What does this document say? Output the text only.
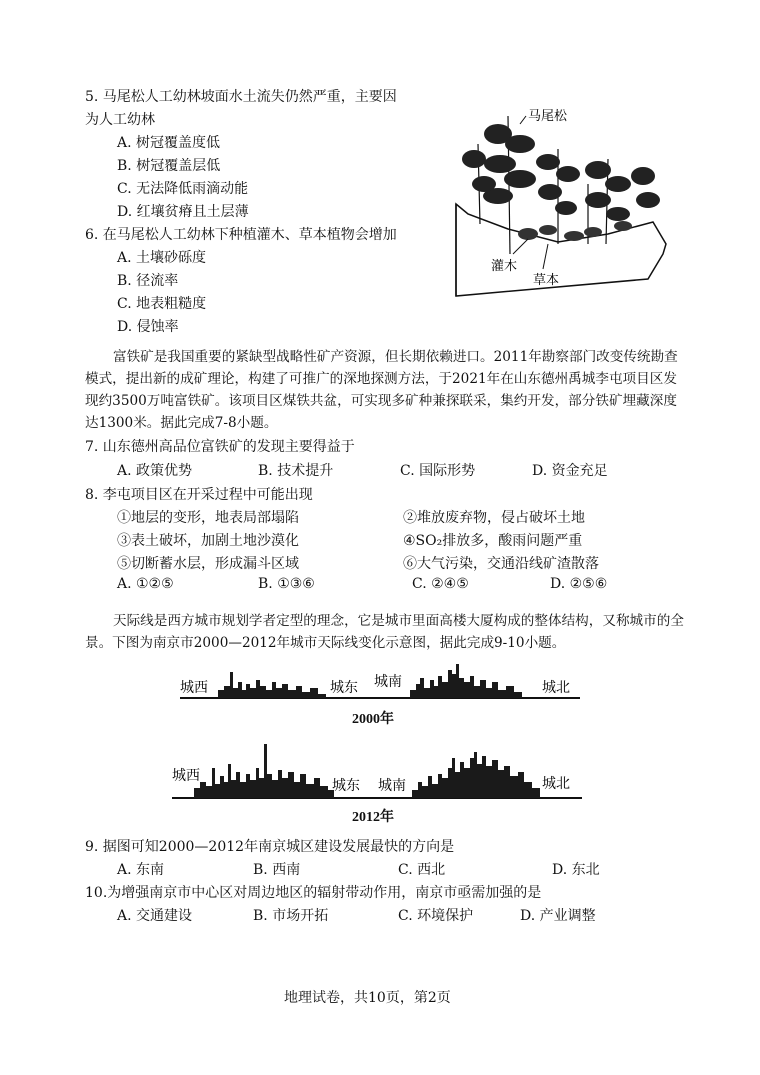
5. 马尾松人工幼林坡面水土流失仍然严重，主要因
为人工幼林
A. 树冠覆盖度低
B. 树冠覆盖层低
C. 无法降低雨滴动能
D. 红壤贫瘠且土层薄
6. 在马尾松人工幼林下种植灌木、草本植物会增加
A. 土壤砂砾度
B. 径流率
C. 地表粗糙度
D. 侵蚀率
马尾松
灌木
草本
富铁矿是我国重要的紧缺型战略性矿产资源，但长期依赖进口。2011年勘察部门改变传统勘查模式，提出新的成矿理论，构建了可推广的深地探测方法，于2021年在山东德州禹城李屯项目区发现约3500万吨富铁矿。该项目区煤铁共盆，可实现多矿种兼探联采，集约开发，部分铁矿埋藏深度达1300米。据此完成7-8小题。
7. 山东德州高品位富铁矿的发现主要得益于
A. 政策优势	B. 技术提升	C. 国际形势	D. 资金充足
8. 李屯项目区在开采过程中可能出现
①地层的变形，地表局部塌陷	②堆放废弃物，侵占破坏土地
③表土破坏，加剧土地沙漠化	④SO₂排放多，酸雨问题严重
⑤切断蓄水层，形成漏斗区域	⑥大气污染，交通沿线矿渣散落
A. ①②⑤	B. ①③⑥	C. ②④⑤	D. ②⑤⑥
天际线是西方城市规划学者定型的理念，它是城市里面高楼大厦构成的整体结构，又称城市的全景。下图为南京市2000—2012年城市天际线变化示意图，据此完成9-10小题。
城西	城东 城南	城北
2000年
城西
城东 城南	城北
2012年
9. 据图可知2000—2012年南京城区建设发展最快的方向是
A. 东南	B. 西南	C. 西北	D. 东北
10.为增强南京市中心区对周边地区的辐射带动作用，南京市亟需加强的是
A. 交通建设	B. 市场开拓	C. 环境保护	D. 产业调整
地理试卷，共10页，第2页
